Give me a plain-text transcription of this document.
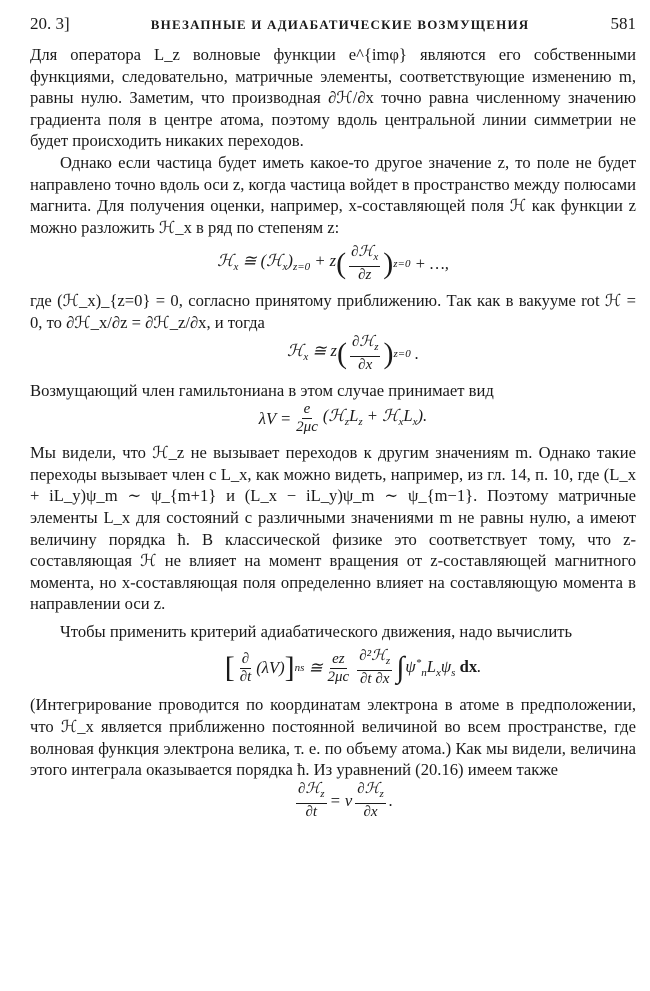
20. 3]	ВНЕЗАПНЫЕ И АДИАБАТИЧЕСКИЕ ВОЗМУЩЕНИЯ	581

Для оператора L_z волновые функции e^{imφ} являются его собственными функциями, следовательно, матричные элементы, соответствующие изменению m, равны нулю. Заметим, что производная ∂ℋ/∂x точно равна численному значению градиента поля в центре атома, поэтому вдоль центральной линии симметрии не будет происходить никаких переходов.

Однако если частица будет иметь какое-то другое значение z, то поле не будет направлено точно вдоль оси z, когда частица войдет в пространство между полюсами магнита. Для получения оценки, например, x-составляющей поля ℋ как функции z можно разложить ℋ_x в ряд по степеням z:

ℋ$_x$ ≅ $(ℋ_x)_{z=0} + z$ ( $\frac{\partial ℋ_x}{\partial z}$ ) z=0 + …,

где (ℋ_x)_{z=0} = 0, согласно принятому приближению. Так как в вакууме rot ℋ = 0, то ∂ℋ_x/∂z = ∂ℋ_z/∂x, и тогда

ℋ$_x$ ≅ z ( $\frac{\partial ℋ_z}{\partial x}$ ) z=0 .

Возмущающий член гамильтониана в этом случае принимает вид

$\lambda V = \frac{e}{2\mu c}$ ($ℋ_zL_z$ + $ℋ_xL_x$).

Мы видели, что ℋ_z не вызывает переходов к другим значениям m. Однако такие переходы вызывает член с L_x, как можно видеть, например, из гл. 14, п. 10, где (L_x + iL_y)ψ_m ∼ ψ_{m+1} и (L_x − iL_y)ψ_m ∼ ψ_{m−1}. Поэтому матричные элементы L_x для состояний с различными значениями m не равны нулю, а имеют величину порядка ħ. В классической физике это соответствует тому, что z-составляющая ℋ не влияет на момент вращения от z-составляющей магнитного момента, но x-составляющая поля определенно влияет на составляющую момента в направлении оси z.

Чтобы применить критерий адиабатического движения, надо вычислить

[ $\frac{\partial}{\partial t} (\lambda V)$ ] ns ≅ $\frac{ez}{2\mu c} \frac{\partial^2ℋ_z}{\partial t \partial x}$ ∫ $\psi^*_nL_x\psi_s$ dx.

(Интегрирование проводится по координатам электрона в атоме в предположении, что ℋ_x является приближенно постоянной величиной во всем пространстве, где волновая функция электрона велика, т. е. по объему атома.) Как мы видели, величина этого интеграла оказывается порядка ħ. Из уравнений (20.16) имеем также

$\frac{\partial ℋ_z}{\partial t} = v \frac{\partial ℋ_z}{\partial x}$ .
